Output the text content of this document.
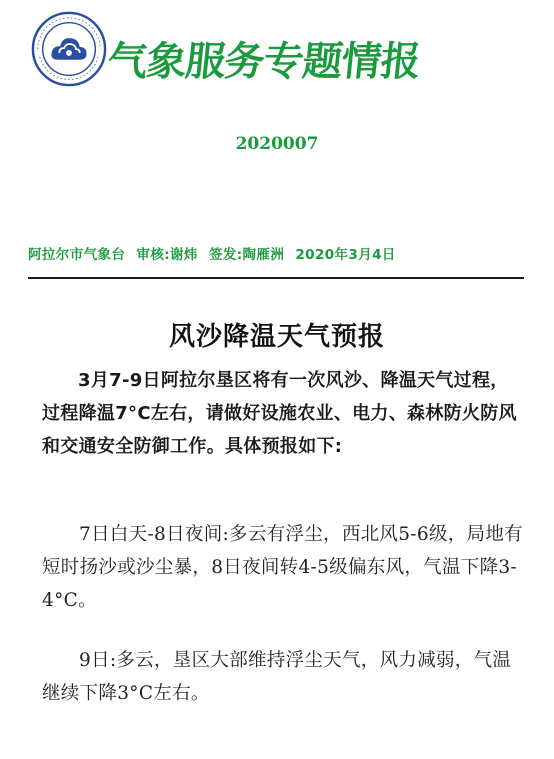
气象服务专题情报
2020007
阿拉尔市气象台 审核:谢炜 签发:陶雁洲 2020年3月4日
风沙降温天气预报

3月7-9日阿拉尔垦区将有一次风沙、降温天气过程，过程降温7°C左右，请做好设施农业、电力、森林防火防风和交通安全防御工作。具体预报如下:

7日白天-8日夜间:多云有浮尘，西北风5-6级，局地有短时扬沙或沙尘暴，8日夜间转4-5级偏东风，气温下降3-4°C。

9日:多云，垦区大部维持浮尘天气，风力减弱，气温继续下降3°C左右。
